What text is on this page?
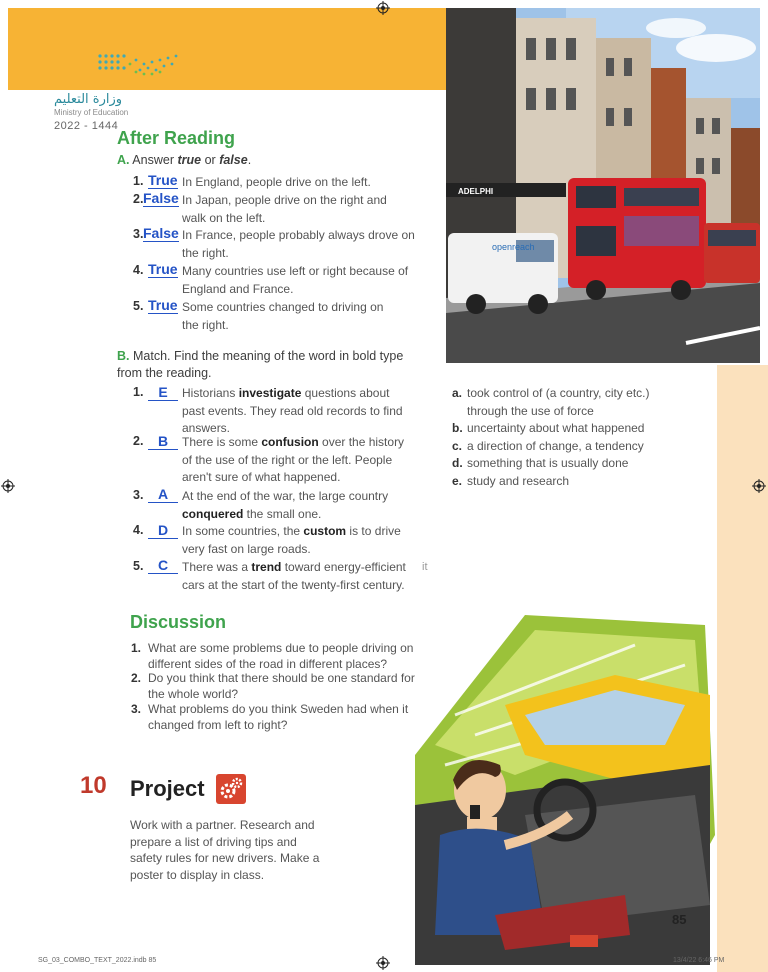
وزارة التعليم
Ministry of Education
2022 - 1444
ADELPHI
openreach
After Reading
A. Answer true or false.
1. True In England, people drive on the left.
2. False In Japan, people drive on the right and walk on the left.
3. False In France, people probably always drove on the right.
4. True Many countries use left or right because of England and France.
5. True Some countries changed to driving on the right.
B. Match. Find the meaning of the word in bold type from the reading.
1.	E	Historians investigate questions about past events. They read old records to find answers.
2.	B	There is some confusion over the history of the use of the right or the left. People aren't sure of what happened.
3.	A	At the end of the war, the large country conquered the small one.
4.	D	In some countries, the custom is to drive very fast on large roads.
5.	C	There was a trend toward energy-efficient cars at the start of the twenty-first century.
it
a. took control of (a country, city etc.) through the use of force
b. uncertainty about what happened
c. a direction of change, a tendency
d. something that is usually done
e. study and research
Discussion
1. What are some problems due to people driving on different sides of the road in different places?
2. Do you think that there should be one standard for the whole world?
3. What problems do you think Sweden had when it changed from left to right?
10 Project
Work with a partner. Research and prepare a list of driving tips and safety rules for new drivers. Make a poster to display in class.
85
SG_03_COMBO_TEXT_2022.indb 85	13/4/22 6:46 PM
